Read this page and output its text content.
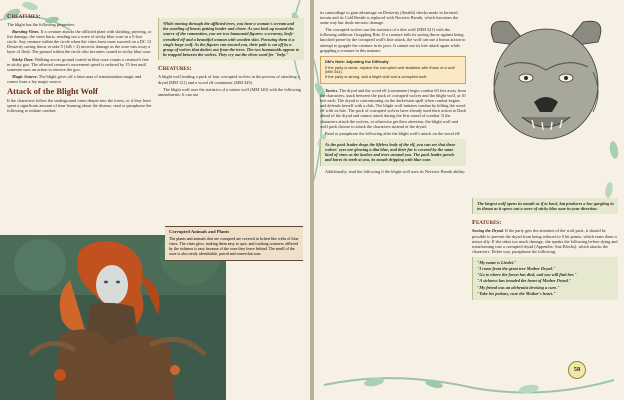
Creatures:

The blight has the following properties:

Bursting Vines. If a creature attacks the afflicted plant with slashing, piercing, or fire damage, the vines burst, sending out a wave of sticky blue ooze in a 5-foot circle. Any creature within the circle when the vines burst must succeed on a DC 13 Dexterity saving throw or take 5 (1d6 + 2) necrotic damage as the ooze eats away a layer of flesh. The ground within the circle also becomes coated in sticky blue ooze.

Sticky Ooze. Walking across ground coated in blue ooze counts a creature's feet in sticky goo. The affected creature's movement speed is reduced by 15 feet until someone uses an action to remove the goo.

Magic Source. The blight gives off a faint aura of transmutation magic and comes from a fey magic source.

Attack of the Blight Wolf

If the characters follow the underground vines deeper into the forest, or if they have spent a significant amount of time learning about the disease, read or paraphrase the following to initiate combat:

While moving through the afflicted trees, you hear a woman's scream and the snarling of beasts getting louder and closer. As you look up toward the source of the commotion, you see two humanoid figures: a scrawny, leafy-wreathed elf and a beautiful woman with wooden skin. Pursuing them is a single large wolf. As the figures run toward you, their path is cut off by a group of wolves that dashes out from the trees. The two humanoids appear to be trapped between the wolves. They cry out the elven word for "help."
Creatures:

A blight wolf leading a pack of four corrupted wolves in the process of attacking a dryad (MM 121) and a wood elf commoner (MM 345).

The blight wolf uses the statistics of a winter wolf (MM 340) with the following amendments: It can use

Corrupted Animals and Plants
The plants and animals that are corrupted are covered in lichen-like webs of blue vines. The vines glow, making them easy to spot, and tracking creatures afflicted by the sickness is easy because of the ooze they leave behind. The smell of the ooze is also easily identifiable, putrid and somewhat sour.

its camouflage to gain advantage on Dexterity (Stealth) checks made in forested terrain and its Cold Breath is replaced with Necrotic Breath, which functions the same way but deals necrotic damage.

The corrupted wolves use the statistics of a dire wolf (MM 321) with the following addition: Grappling Bite. If a creature fails its saving throw against being knocked prone by the corrupted wolf's bite attack, the wolf can use a bonus action to attempt to grapple the creature in its jaws. It cannot use its bite attack again while grappling a creature in this manner.

DM's Note: Adjusting the Difficulty
If the party is weak, replace the corrupted wolf statistics with those of a wolf (MM 341).
If the party is strong, add a blight wolf and a corrupted wolf.

Tactics. The dryad and the wood elf (commoner) begin combat 60 feet away from the characters, stuck between the pack of corrupted wolves and the blight wolf, at 10 feet each. The dryad is concentrating on the darkvision spell when combat begins and defends herself with a club. The blight wolf initiates combat by killing the wood elf with its bite. The pack of corrupted wolves have already used their action to Dash ahead of the dryad and cannot attack during the first round of combat. If the characters attack the wolves, or otherwise get their attention, the blight wolf and wolf pack choose to attack the characters instead of the dryad.

Read or paraphrase the following after the blight wolf's attack on the wood elf:

As the pack leader drops the lifeless body of the elf, you can see that these wolves' eyes are glowing a dim blue, and their fur is covered by the same kind of vines as the bushes and trees around you. The pack leader growls and bares its teeth at you, its mouth dripping with blue ooze.

Additionally, read the following if the blight wolf uses its Necrotic Breath ability:

The largest wolf opens its mouth as if to howl, but produces a low gurgling in its throat as it spews out a wave of sticky blue ooze in your direction.
Features:

Saving the Dryad. If the party gets the attention of the wolf pack, it should be possible to prevent the dryad from being reduced to 0 hit points, which earns them a minor ally. If she takes too much damage, she speaks the following before dying and transforming into a corrupted dryad (Appendix: Stat Blocks), which attacks the characters. Either way, paraphrase the following:

"My name is Liralei."

"I come from the great tree Mother Dryad."

"Go to where the forest has died, and you will find her."

"A sickness has invaded the heart of Mother Dryad."

"My friend was an alchemist devising a cure."

"Take his potions, cure the Mother's heart."

58
